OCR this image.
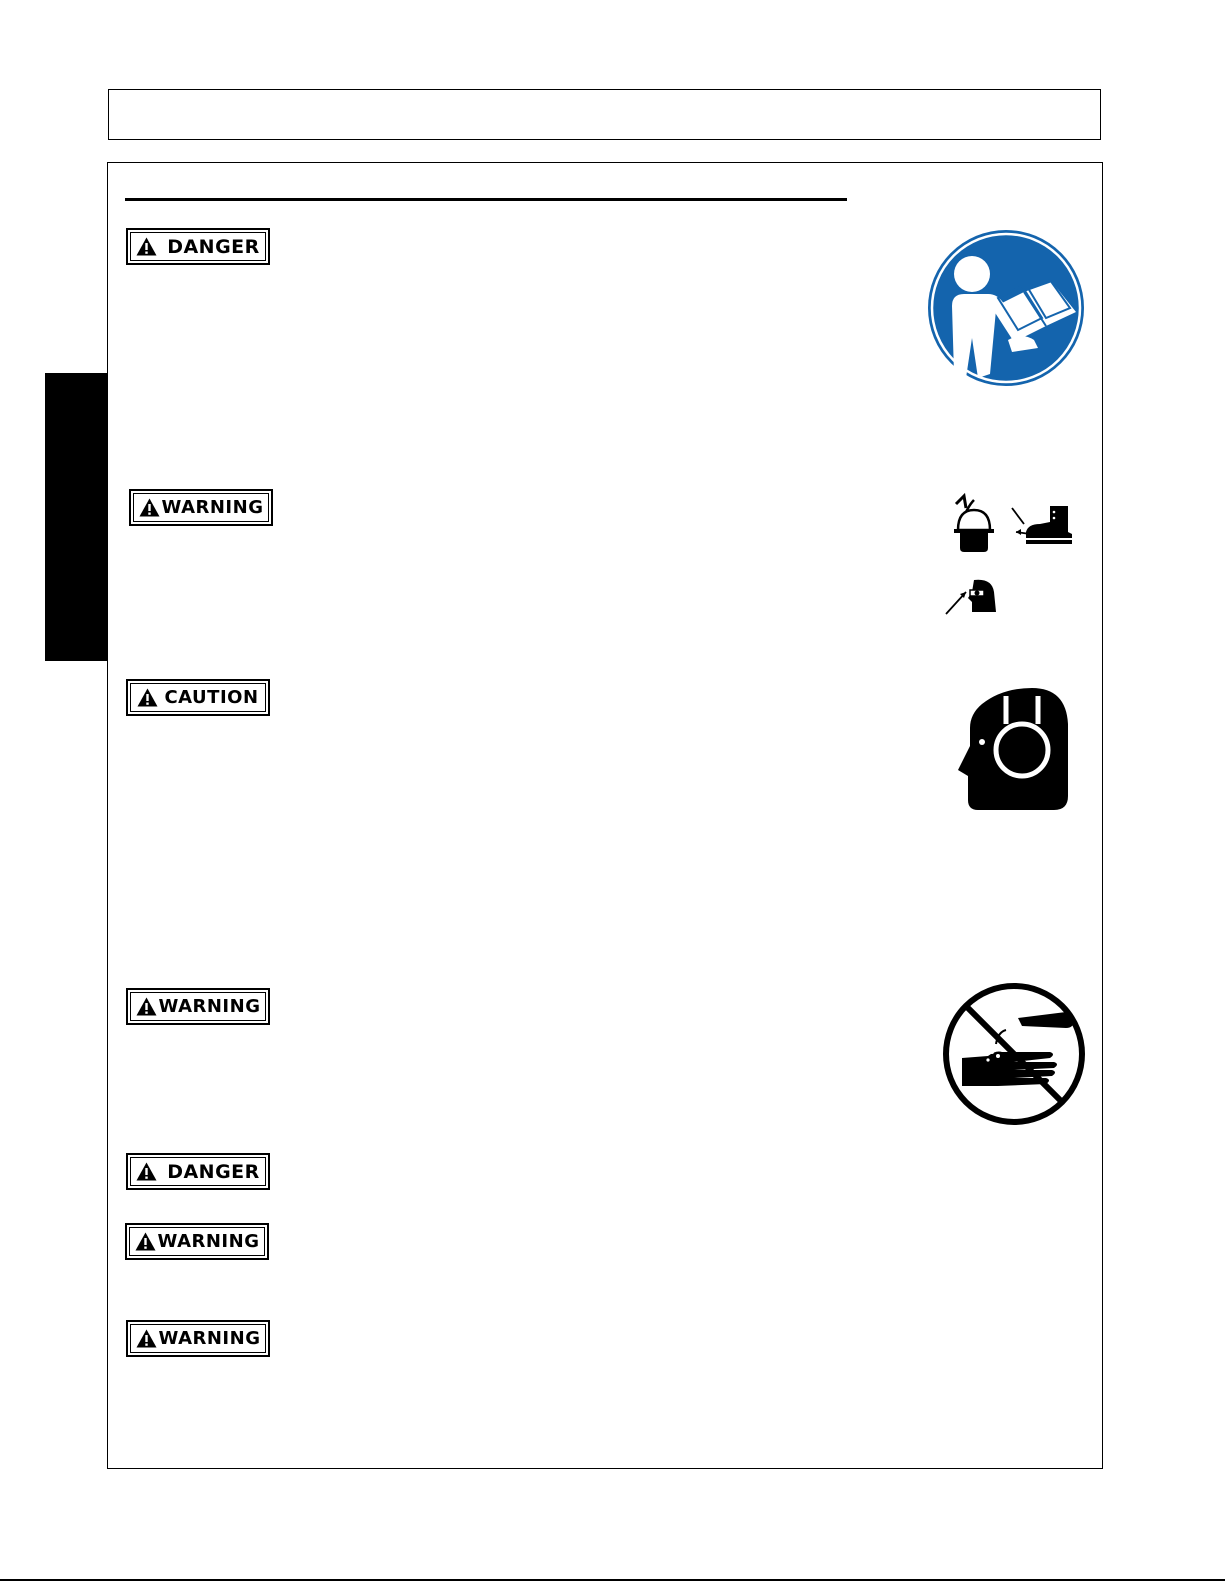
DANGER
WARNING
CAUTION
WARNING
DANGER
WARNING
WARNING
